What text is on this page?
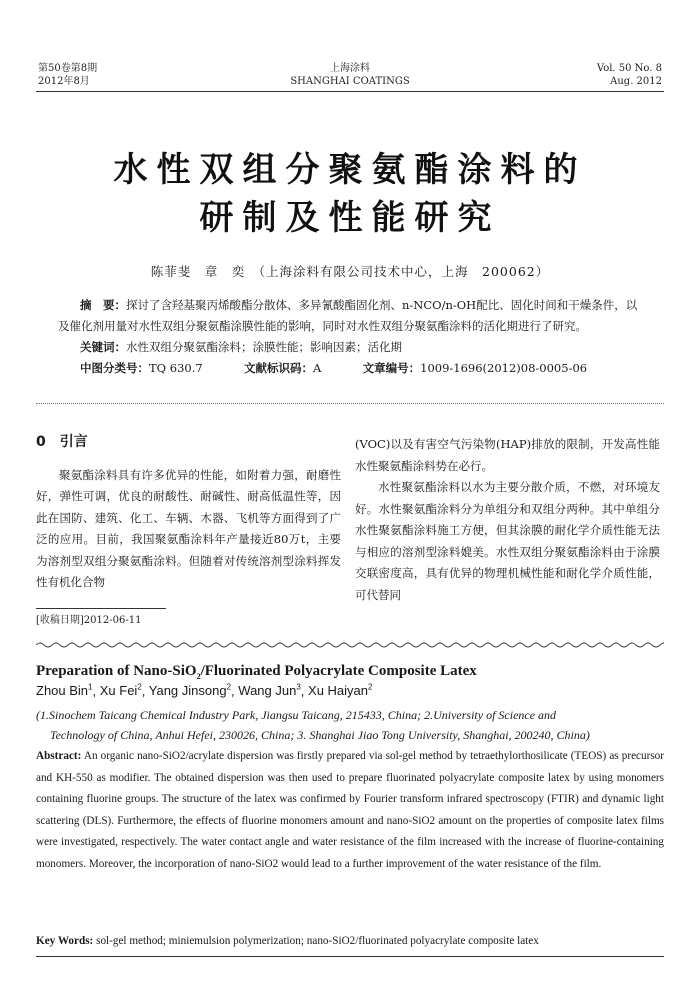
第50卷第8期
2012年8月
上海涂料
SHANGHAI COATINGS
Vol. 50 No. 8
Aug. 2012
水性双组分聚氨酯涂料的
研制及性能研究
陈菲斐　章　奕　（上海涂料有限公司技术中心，上海　200062）

摘　要：探讨了含羟基聚丙烯酸酯分散体、多异氰酸酯固化剂、n-NCO/n-OH配比、固化时间和干燥条件，以及催化剂用量对水性双组分聚氨酯涂膜性能的影响，同时对水性双组分聚氨酯涂料的活化期进行了研究。

关键词：水性双组分聚氨酯涂料；涂膜性能；影响因素；活化期

中图分类号：TQ 630.7	文献标识码：A	文章编号：1009-1696(2012)08-0005-06

0　引言

聚氨酯涂料具有许多优异的性能，如附着力强，耐磨性好，弹性可调，优良的耐酸性、耐碱性、耐高低温性等，因此在国防、建筑、化工、车辆、木器、飞机等方面得到了广泛的应用。目前，我国聚氨酯涂料年产量接近80万t，主要为溶剂型双组分聚氨酯涂料。但随着对传统溶剂型涂料挥发性有机化合物

(VOC)以及有害空气污染物(HAP)排放的限制，开发高性能水性聚氨酯涂料势在必行。

水性聚氨酯涂料以水为主要分散介质，不燃，对环境友好。水性聚氨酯涂料分为单组分和双组分两种。其中单组分水性聚氨酯涂料施工方便，但其涂膜的耐化学介质性能无法与相应的溶剂型涂料媲美。水性双组分聚氨酯涂料由于涂膜交联密度高，具有优异的物理机械性能和耐化学介质性能，可代替同

[收稿日期]2012-06-11
Preparation of Nano-SiO$_2$/Fluorinated Polyacrylate Composite Latex
Zhou Bin$^1$, Xu Fei$^2$, Yang Jinsong$^2$, Wang Jun$^3$, Xu Haiyan$^2$
(1.Sinochem Taicang Chemical Industry Park, Jiangsu Taicang, 215433, China; 2.University of Science and
Technology of China, Anhui Hefei, 230026, China; 3. Shanghai Jiao Tong University, Shanghai, 200240, China)
Abstract: An organic nano-SiO2/acrylate dispersion was firstly prepared via sol-gel method by tetraethylorthosilicate (TEOS) as precursor and KH-550 as modifier. The obtained dispersion was then used to prepare fluorinated polyacrylate composite latex by using monomers containing fluorine groups. The structure of the latex was confirmed by Fourier transform infrared spectroscopy (FTIR) and dynamic light scattering (DLS). Furthermore, the effects of fluorine monomers amount and nano-SiO2 amount on the properties of composite latex films were investigated, respectively. The water contact angle and water resistance of the film increased with the increase of fluorine-containing monomers. Moreover, the incorporation of nano-SiO2 would lead to a further improvement of the water resistance of the film.
Key Words: sol-gel method; miniemulsion polymerization; nano-SiO2/fluorinated polyacrylate composite latex
